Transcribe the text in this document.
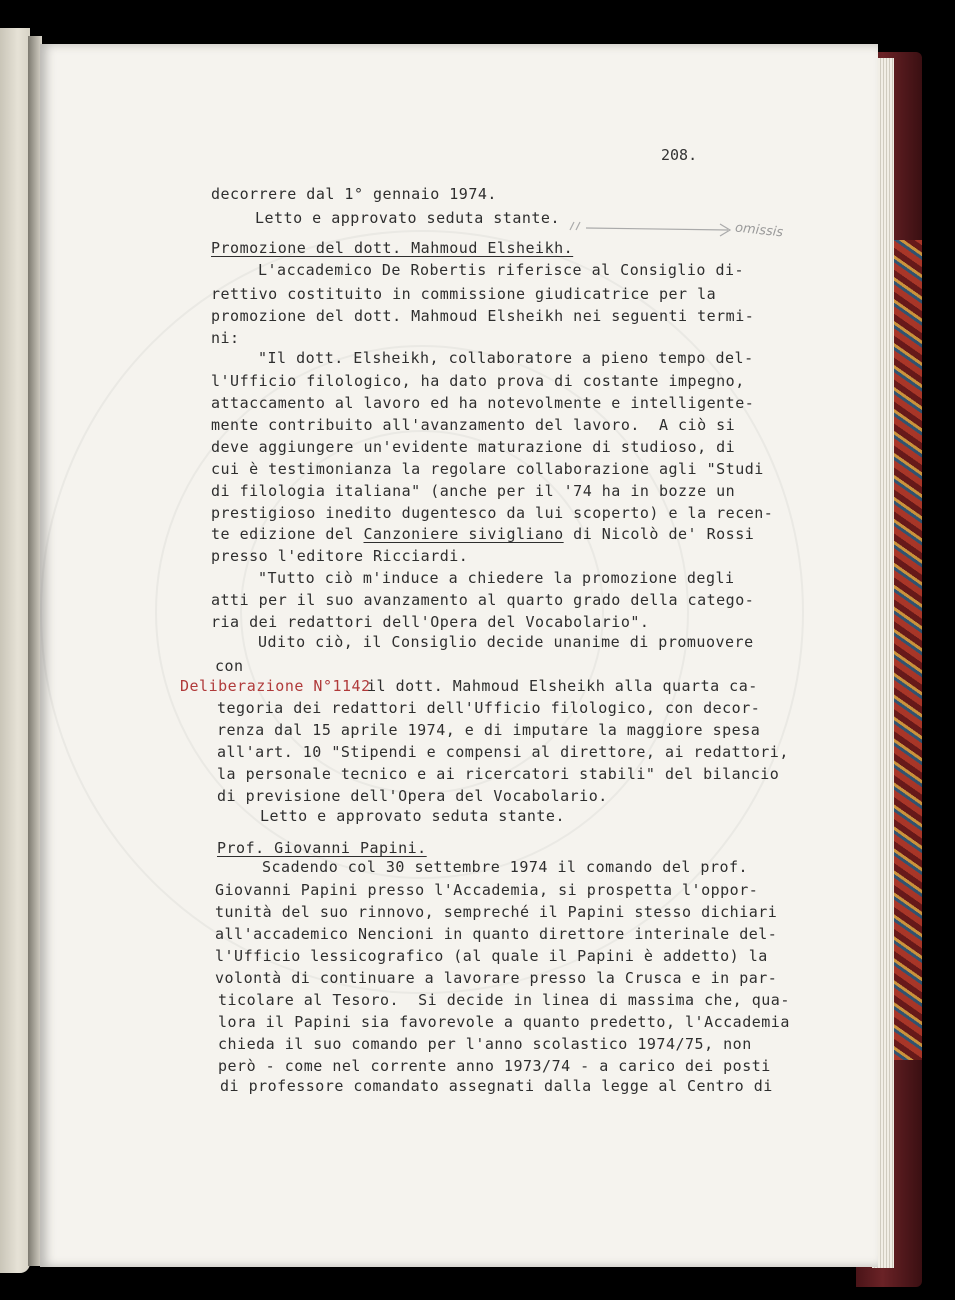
208.
omissis
Deliberazione N°1142
decorrere dal 1° gennaio 1974.
Letto e approvato seduta stante.
Promozione del dott. Mahmoud Elsheikh.
L'accademico De Robertis riferisce al Consiglio di-
rettivo costituito in commissione giudicatrice per la
promozione del dott. Mahmoud Elsheikh nei seguenti termi-
ni:
"Il dott. Elsheikh, collaboratore a pieno tempo del-
l'Ufficio filologico, ha dato prova di costante impegno,
attaccamento al lavoro ed ha notevolmente e intelligente-
mente contribuito all'avanzamento del lavoro.  A ciò si
deve aggiungere un'evidente maturazione di studioso, di
cui è testimonianza la regolare collaborazione agli "Studi
di filologia italiana" (anche per il '74 ha in bozze un
prestigioso inedito dugentesco da lui scoperto) e la recen-
te edizione del Canzoniere sivigliano di Nicolò de' Rossi
presso l'editore Ricciardi.
"Tutto ciò m'induce a chiedere la promozione degli
atti per il suo avanzamento al quarto grado della catego-
ria dei redattori dell'Opera del Vocabolario".
Udito ciò, il Consiglio decide unanime di promuovere
con
il dott. Mahmoud Elsheikh alla quarta ca-
tegoria dei redattori dell'Ufficio filologico, con decor-
renza dal 15 aprile 1974, e di imputare la maggiore spesa
all'art. 10 "Stipendi e compensi al direttore, ai redattori,
la personale tecnico e ai ricercatori stabili" del bilancio
di previsione dell'Opera del Vocabolario.
Letto e approvato seduta stante.
Prof. Giovanni Papini.
Scadendo col 30 settembre 1974 il comando del prof.
Giovanni Papini presso l'Accademia, si prospetta l'oppor-
tunità del suo rinnovo, sempreché il Papini stesso dichiari
all'accademico Nencioni in quanto direttore interinale del-
l'Ufficio lessicografico (al quale il Papini è addetto) la
volontà di continuare a lavorare presso la Crusca e in par-
ticolare al Tesoro.  Si decide in linea di massima che, qua-
lora il Papini sia favorevole a quanto predetto, l'Accademia
chieda il suo comando per l'anno scolastico 1974/75, non
però - come nel corrente anno 1973/74 - a carico dei posti
di professore comandato assegnati dalla legge al Centro di
